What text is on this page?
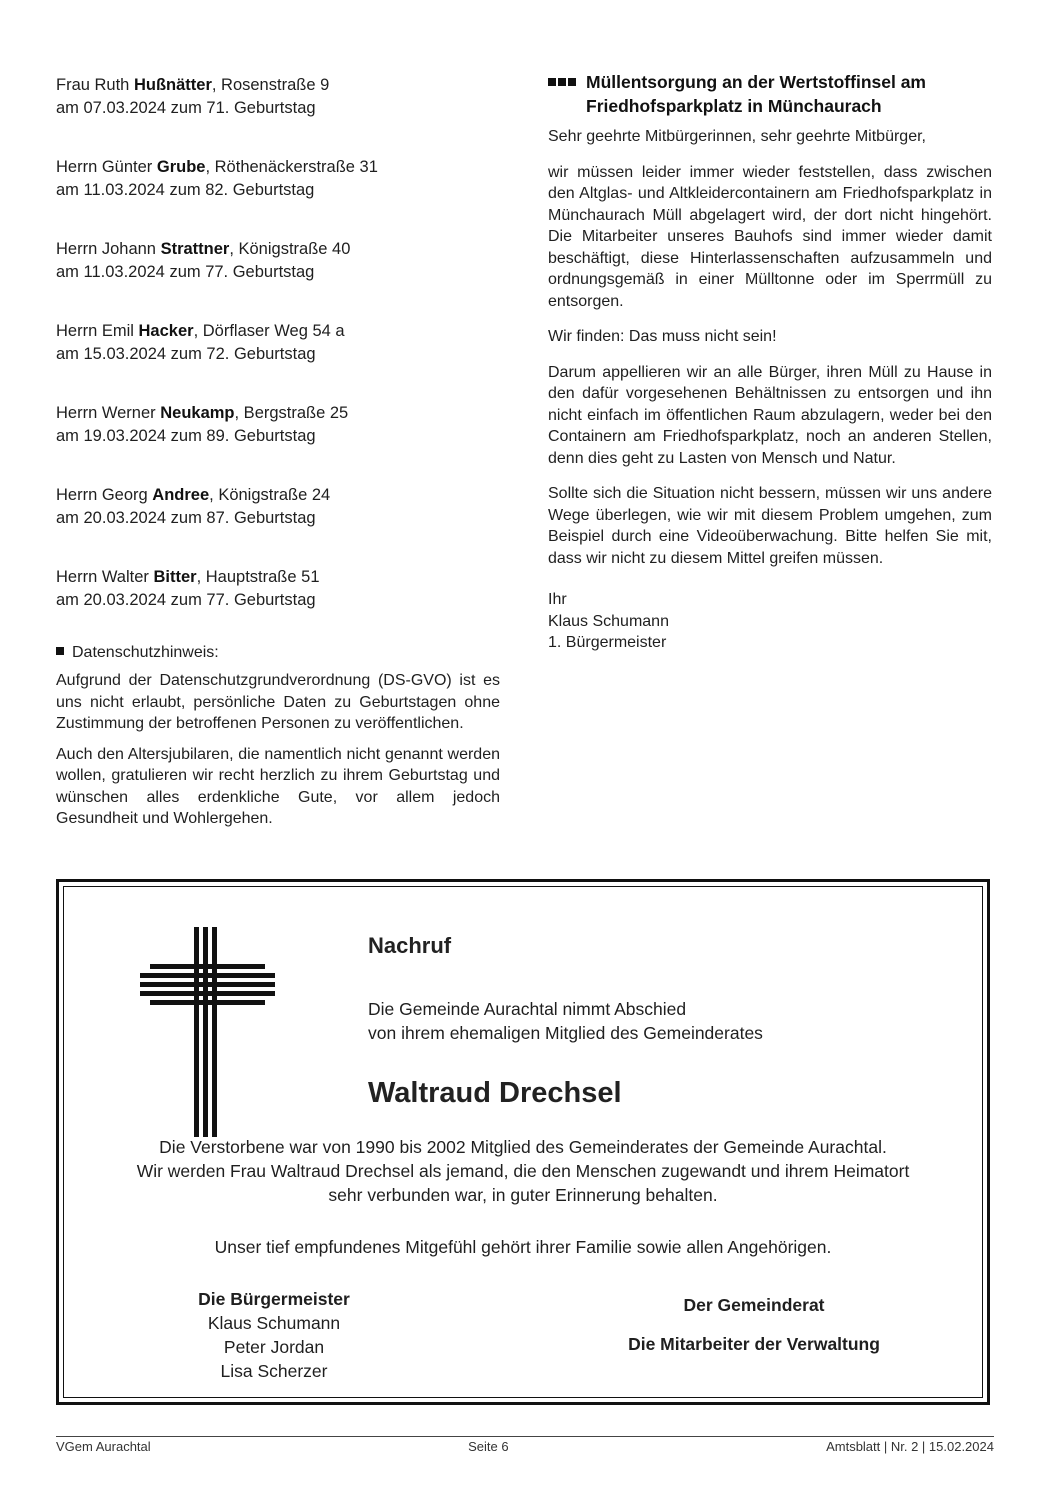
Frau Ruth Hußnätter, Rosenstraße 9
am 07.03.2024 zum 71. Geburtstag
Herrn Günter Grube, Röthenäckerstraße 31
am 11.03.2024 zum 82. Geburtstag
Herrn Johann Strattner, Königstraße 40
am 11.03.2024 zum 77. Geburtstag
Herrn Emil Hacker, Dörflaser Weg 54 a
am 15.03.2024 zum 72. Geburtstag
Herrn Werner Neukamp, Bergstraße 25
am 19.03.2024 zum 89. Geburtstag
Herrn Georg Andree, Königstraße 24
am 20.03.2024 zum 87. Geburtstag
Herrn Walter Bitter, Hauptstraße 51
am 20.03.2024 zum 77. Geburtstag
Datenschutzhinweis:

Aufgrund der Datenschutzgrundverordnung (DS-GVO) ist es uns nicht erlaubt, persönliche Daten zu Geburtstagen ohne Zustimmung der betroffenen Personen zu veröffentlichen.

Auch den Altersjubilaren, die namentlich nicht genannt werden wollen, gratulieren wir recht herzlich zu ihrem Geburtstag und wünschen alles erdenkliche Gute, vor allem jedoch Gesundheit und Wohlergehen.

Müllentsorgung an der Wertstoffinsel am Friedhofsparkplatz in Münchaurach

Sehr geehrte Mitbürgerinnen, sehr geehrte Mitbürger,

wir müssen leider immer wieder feststellen, dass zwischen den Altglas- und Altkleidercontainern am Friedhofsparkplatz in Münchaurach Müll abgelagert wird, der dort nicht hingehört. Die Mitarbeiter unseres Bauhofs sind immer wieder damit beschäftigt, diese Hinterlassenschaften aufzusammeln und ordnungsgemäß in einer Mülltonne oder im Sperrmüll zu entsorgen.

Wir finden: Das muss nicht sein!

Darum appellieren wir an alle Bürger, ihren Müll zu Hause in den dafür vorgesehenen Behältnissen zu entsorgen und ihn nicht einfach im öffentlichen Raum abzulagern, weder bei den Containern am Friedhofsparkplatz, noch an anderen Stellen, denn dies geht zu Lasten von Mensch und Natur.

Sollte sich die Situation nicht bessern, müssen wir uns andere Wege überlegen, wie wir mit diesem Problem umgehen, zum Beispiel durch eine Videoüberwachung. Bitte helfen Sie mit, dass wir nicht zu diesem Mittel greifen müssen.

Ihr
Klaus Schumann
1. Bürgermeister
Nachruf
Die Gemeinde Aurachtal nimmt Abschied
von ihrem ehemaligen Mitglied des Gemeinderates
Waltraud Drechsel
Die Verstorbene war von 1990 bis 2002 Mitglied des Gemeinderates der Gemeinde Aurachtal.
Wir werden Frau Waltraud Drechsel als jemand, die den Menschen zugewandt und ihrem Heimatort
sehr verbunden war, in guter Erinnerung behalten.
Unser tief empfundenes Mitgefühl gehört ihrer Familie sowie allen Angehörigen.
Die Bürgermeister
Klaus Schumann
Peter Jordan
Lisa Scherzer
Der Gemeinderat
Die Mitarbeiter der Verwaltung
VGem Aurachtal	Seite 6	Amtsblatt | Nr. 2 | 15.02.2024
